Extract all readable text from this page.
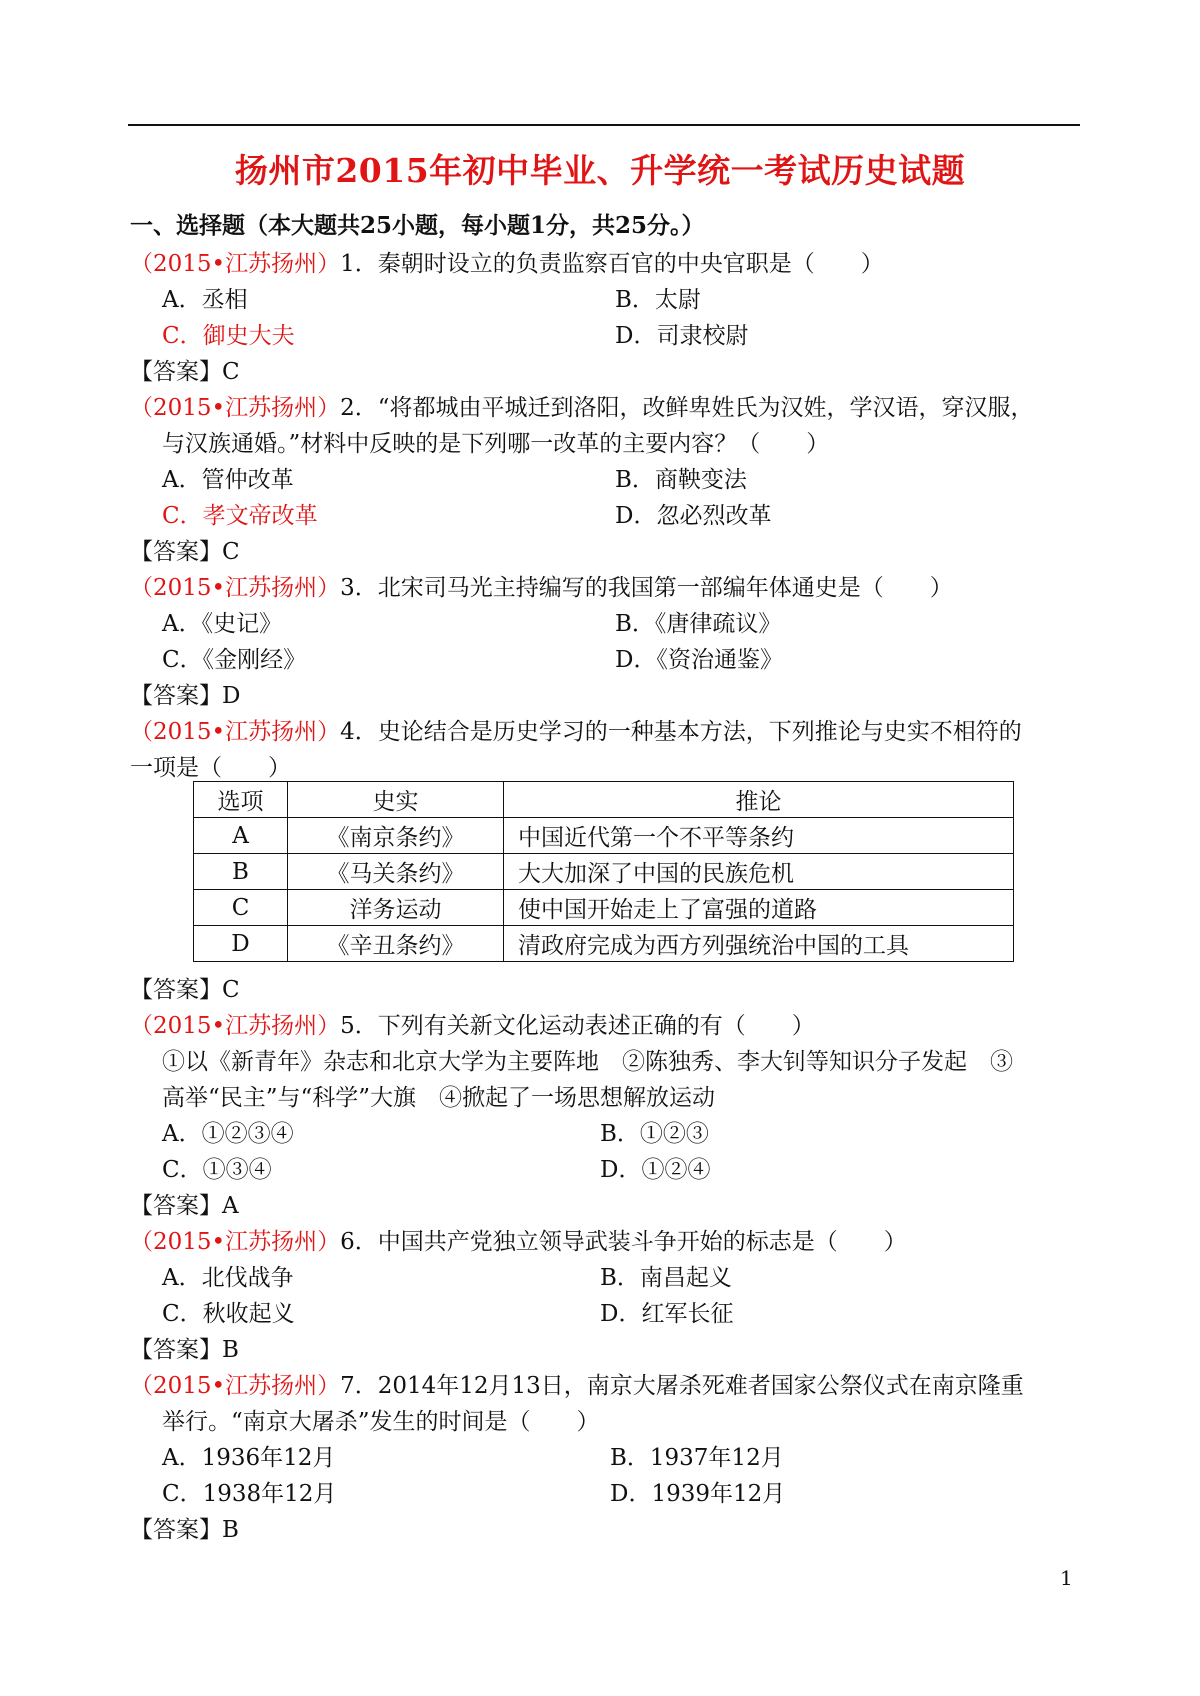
扬州市2015年初中毕业、升学统一考试历史试题
一、选择题（本大题共25小题，每小题1分，共25分。）
（2015•江苏扬州）1．秦朝时设立的负责监察百官的中央官职是（　　）
A．丞相	B．太尉
C．御史大夫	D．司隶校尉
【答案】C
（2015•江苏扬州）2．“将都城由平城迁到洛阳，改鲜卑姓氏为汉姓，学汉语，穿汉服，
与汉族通婚。”材料中反映的是下列哪一改革的主要内容？（　　）
A．管仲改革	B．商鞅变法
C．孝文帝改革	D．忽必烈改革
【答案】C
（2015•江苏扬州）3．北宋司马光主持编写的我国第一部编年体通史是（　　）
A．《史记》	B．《唐律疏议》
C．《金刚经》	D．《资治通鉴》
【答案】D
（2015•江苏扬州）4．史论结合是历史学习的一种基本方法，下列推论与史实不相符的
一项是（　　）
选项	史实	推论
A	《南京条约》	中国近代第一个不平等条约
B	《马关条约》	大大加深了中国的民族危机
C	洋务运动	使中国开始走上了富强的道路
D	《辛丑条约》	清政府完成为西方列强统治中国的工具
【答案】C
（2015•江苏扬州）5．下列有关新文化运动表述正确的有（　　）
①以《新青年》杂志和北京大学为主要阵地　②陈独秀、李大钊等知识分子发起　③
高举“民主”与“科学”大旗　④掀起了一场思想解放运动
A．①②③④	B．①②③
C．①③④	D．①②④
【答案】A
（2015•江苏扬州）6．中国共产党独立领导武装斗争开始的标志是（　　）
A．北伐战争	B．南昌起义
C．秋收起义	D．红军长征
【答案】B
（2015•江苏扬州）7．2014年12月13日，南京大屠杀死难者国家公祭仪式在南京隆重
举行。“南京大屠杀”发生的时间是（　　）
A．1936年12月	B．1937年12月
C．1938年12月	D．1939年12月
【答案】B
1
